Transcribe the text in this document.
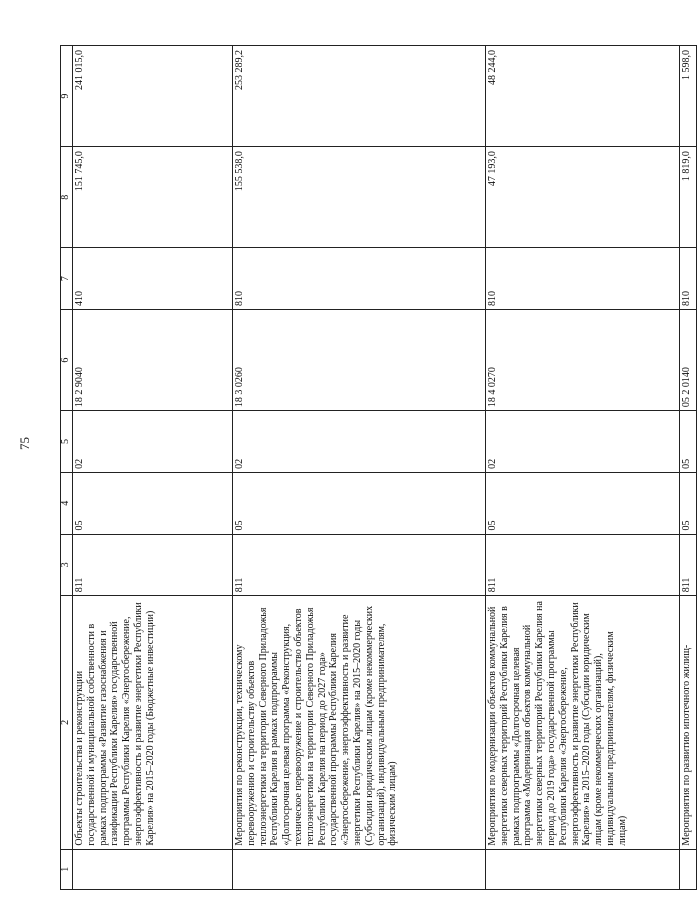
75
1	2	3	4	5	6	7	8	9
	Объекты строительства и реконструкции государственной и муниципальной собственности в рамках подпрограммы «Развитие газоснабжения и газификации Республики Карелия» государственной программы Республики Карелия «Энергосбережение, энергоэффективность и развитие энергетики Республики Карелия» на 2015–2020 годы (Бюджетные инвестиции)	811	05	02	18 2 9040	410	151 745,0	241 015,0
	Мероприятия по реконструкции, техническому перевооружению и строительству объектов теплоэнергетики на территории Северного Приладожья Республики Карелия в рамках подпрограммы «Долгосрочная целевая программа «Реконструкция, техническое перевооружение и строительство объектов теплоэнергетики на территории Северного Приладожья Республики Карелия на период до 2027 года» государственной программы Республики Карелия «Энергосбережение, энергоэффективность и развитие энергетики Республики Карелия» на 2015–2020 годы (Субсидии юридическим лицам (кроме некоммерческих организаций), индивидуальным предпринимателям, физическим лицам)	811	05	02	18 3 0260	810	155 538,0	253 289,2
	Мероприятия по модернизации объектов коммунальной энергетики северных территорий Республики Карелия в рамках подпрограммы «Долгосрочная целевая программа «Модернизация объектов коммунальной энергетики северных территорий Республики Карелия на период до 2019 года» государственной программы Республики Карелия «Энергосбережение, энергоэффективность и развитие энергетики Республики Карелия» на 2015–2020 годы (Субсидии юридическим лицам (кроме некоммерческих организаций), индивидуальным предпринимателям, физическим лицам)	811	05	02	18 4 0270	810	47 193,0	48 244,0
	Мероприятия по развитию ипотечного жилищ-	811	05	05	05 2 0140	810	1 819,0	1 598,0
